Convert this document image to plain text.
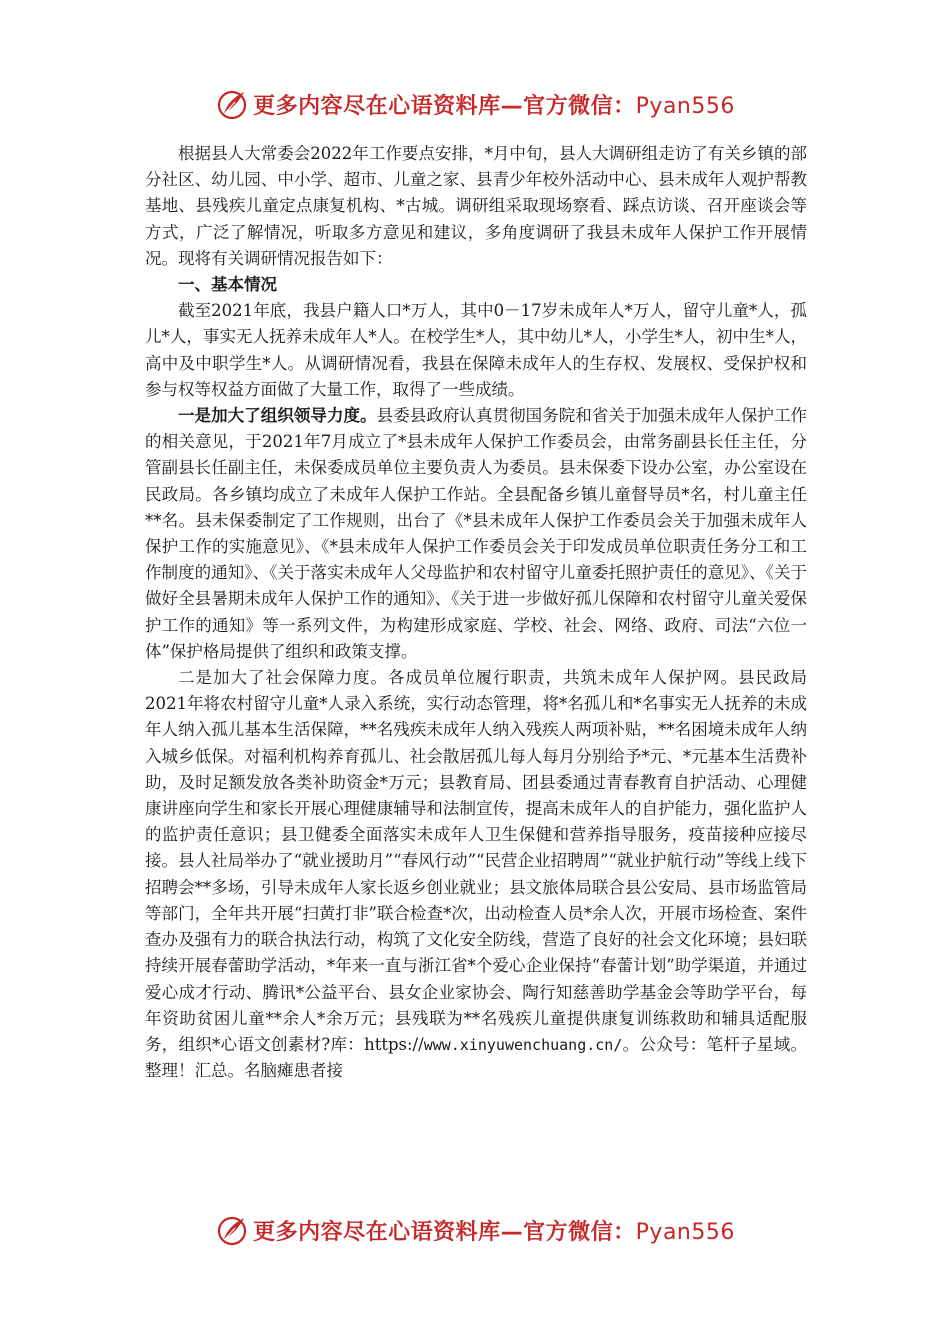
更多内容尽在心语资料库—官方微信：Pyan556

根据县人大常委会2022年工作要点安排，*月中旬，县人大调研组走访了有关乡镇的部分社区、幼儿园、中小学、超市、儿童之家、县青少年校外活动中心、县未成年人观护帮教基地、县残疾儿童定点康复机构、*古城。调研组采取现场察看、踩点访谈、召开座谈会等方式，广泛了解情况，听取多方意见和建议，多角度调研了我县未成年人保护工作开展情况。现将有关调研情况报告如下：

一、基本情况

截至2021年底，我县户籍人口*万人，其中0－17岁未成年人*万人，留守儿童*人，孤儿*人，事实无人抚养未成年人*人。在校学生*人，其中幼儿*人，小学生*人，初中生*人，高中及中职学生*人。从调研情况看，我县在保障未成年人的生存权、发展权、受保护权和参与权等权益方面做了大量工作，取得了一些成绩。

一是加大了组织领导力度。县委县政府认真贯彻国务院和省关于加强未成年人保护工作的相关意见，于2021年7月成立了*县未成年人保护工作委员会，由常务副县长任主任，分管副县长任副主任，未保委成员单位主要负责人为委员。县未保委下设办公室，办公室设在民政局。各乡镇均成立了未成年人保护工作站。全县配备乡镇儿童督导员*名，村儿童主任**名。县未保委制定了工作规则，出台了《*县未成年人保护工作委员会关于加强未成年人保护工作的实施意见》、《*县未成年人保护工作委员会关于印发成员单位职责任务分工和工作制度的通知》、《关于落实未成年人父母监护和农村留守儿童委托照护责任的意见》、《关于做好全县暑期未成年人保护工作的通知》、《关于进一步做好孤儿保障和农村留守儿童关爱保护工作的通知》等一系列文件，为构建形成家庭、学校、社会、网络、政府、司法“六位一体”保护格局提供了组织和政策支撑。

二是加大了社会保障力度。各成员单位履行职责，共筑未成年人保护网。县民政局2021年将农村留守儿童*人录入系统，实行动态管理，将*名孤儿和*名事实无人抚养的未成年人纳入孤儿基本生活保障，**名残疾未成年人纳入残疾人两项补贴，**名困境未成年人纳入城乡低保。对福利机构养育孤儿、社会散居孤儿每人每月分别给予*元、*元基本生活费补助，及时足额发放各类补助资金*万元；县教育局、团县委通过青春教育自护活动、心理健康讲座向学生和家长开展心理健康辅导和法制宣传，提高未成年人的自护能力，强化监护人的监护责任意识；县卫健委全面落实未成年人卫生保健和营养指导服务，疫苗接种应接尽接。县人社局举办了“就业援助月”“春风行动”“民营企业招聘周”“就业护航行动”等线上线下招聘会**多场，引导未成年人家长返乡创业就业；县文旅体局联合县公安局、县市场监管局等部门，全年共开展“扫黄打非”联合检查*次，出动检查人员*余人次，开展市场检查、案件查办及强有力的联合执法行动，构筑了文化安全防线，营造了良好的社会文化环境；县妇联持续开展春蕾助学活动，*年来一直与浙江省*个爱心企业保持“春蕾计划”助学渠道，并通过爱心成才行动、腾讯*公益平台、县女企业家协会、陶行知慈善助学基金会等助学平台，每年资助贫困儿童**余人*余万元；县残联为**名残疾儿童提供康复训练救助和辅具适配服务，组织*心语文创素材?库：https://www.xinyuwenchuang.cn/。公众号：笔杆子星域。整理！汇总。名脑瘫患者接

更多内容尽在心语资料库—官方微信：Pyan556
